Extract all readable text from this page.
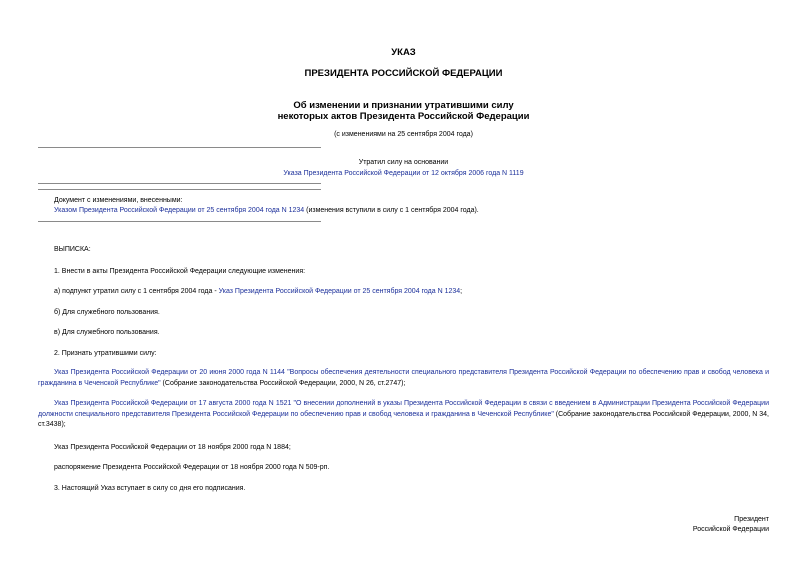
УКАЗ
ПРЕЗИДЕНТА РОССИЙСКОЙ ФЕДЕРАЦИИ
Об изменении и признании утратившими силу
некоторых актов Президента Российской Федерации
(с изменениями на 25 сентября 2004 года)
Утратил силу на основании
Указа Президента Российской Федерации от 12 октября 2006 года N 1119
Документ с изменениями, внесенными:
Указом Президента Российской Федерации от 25 сентября 2004 года N 1234 (изменения вступили в силу с 1 сентября 2004 года).
ВЫПИСКА:
1. Внести в акты Президента Российской Федерации следующие изменения:
а) подпункт утратил силу с 1 сентября 2004 года - Указ Президента Российской Федерации от 25 сентября 2004 года N 1234;
б) Для служебного пользования.
в) Для служебного пользования.
2. Признать утратившими силу:
Указ Президента Российской Федерации от 20 июня 2000 года N 1144 "Вопросы обеспечения деятельности специального представителя Президента Российской Федерации по обеспечению прав и свобод человека и гражданина в Чеченской Республике" (Собрание законодательства Российской Федерации, 2000, N 26, ст.2747);
Указ Президента Российской Федерации от 17 августа 2000 года N 1521 "О внесении дополнений в указы Президента Российской Федерации в связи с введением в Администрации Президента Российской Федерации должности специального представителя Президента Российской Федерации по обеспечению прав и свобод человека и гражданина в Чеченской Республике" (Собрание законодательства Российской Федерации, 2000, N 34, ст.3438);
Указ Президента Российской Федерации от 18 ноября 2000 года N 1884;
распоряжение Президента Российской Федерации от 18 ноября 2000 года N 509-рп.
3. Настоящий Указ вступает в силу со дня его подписания.
Президент
Российской Федерации
